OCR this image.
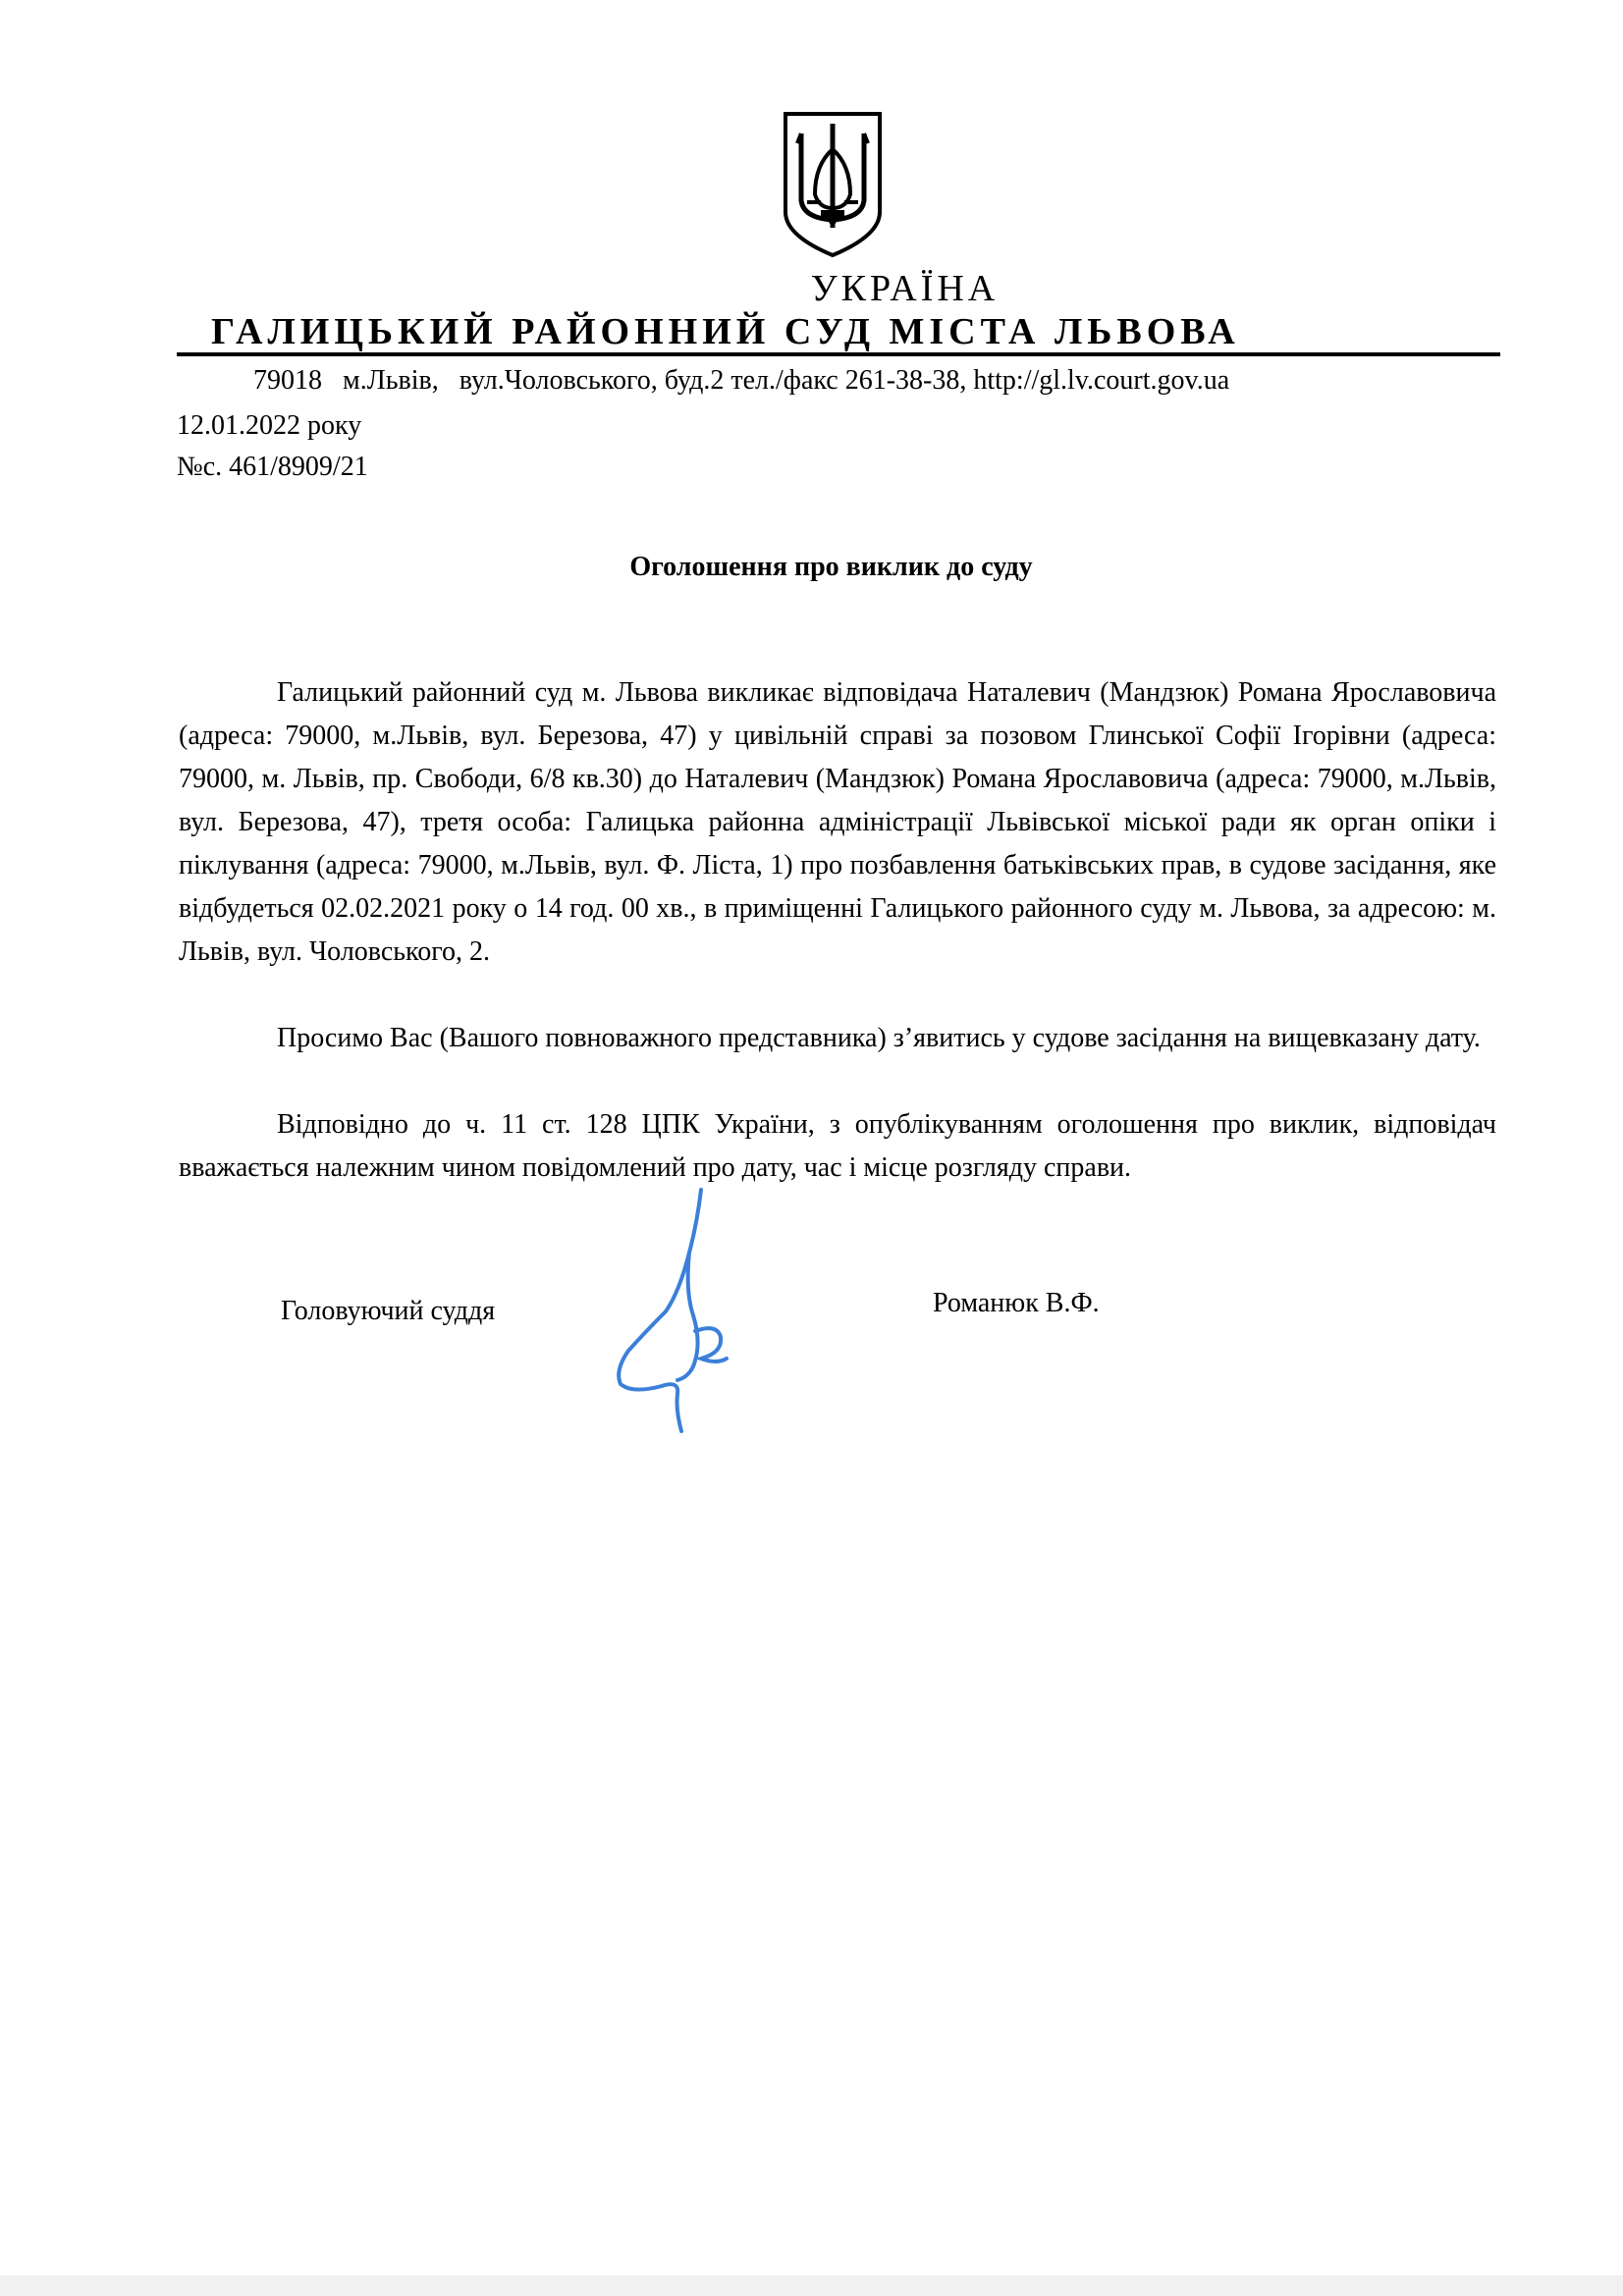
УКРАЇНА
ГАЛИЦЬКИЙ РАЙОННИЙ СУД МІСТА ЛЬВОВА
79018 м.Львів, вул.Чоловського, буд.2 тел./факс 261-38-38, http://gl.lv.court.gov.ua
12.01.2022 року
№с. 461/8909/21
Оголошення про виклик до суду

Галицький районний суд м. Львова викликає відповідача Наталевич (Мандзюк) Романа Ярославовича (адреса: 79000, м.Львів, вул. Березова, 47) у цивільній справі за позовом Глинської Софії Ігорівни (адреса: 79000, м. Львів, пр. Свободи, 6/8 кв.30) до Наталевич (Мандзюк) Романа Ярославовича (адреса: 79000, м.Львів, вул. Березова, 47), третя особа: Галицька районна адміністрації Львівської міської ради як орган опіки і піклування (адреса: 79000, м.Львів, вул. Ф. Ліста, 1) про позбавлення батьківських прав, в судове засідання, яке відбудеться 02.02.2021 року о 14 год. 00 хв., в приміщенні Галицького районного суду м. Львова, за адресою: м. Львів, вул. Чоловського, 2.

Просимо Вас (Вашого повноважного представника) з’явитись у судове засідання на вищевказану дату.

Відповідно до ч. 11 ст. 128 ЦПК України, з опублікуванням оголошення про виклик, відповідач вважається належним чином повідомлений про дату, час і місце розгляду справи.

Головуючий суддя	Романюк В.Ф.
